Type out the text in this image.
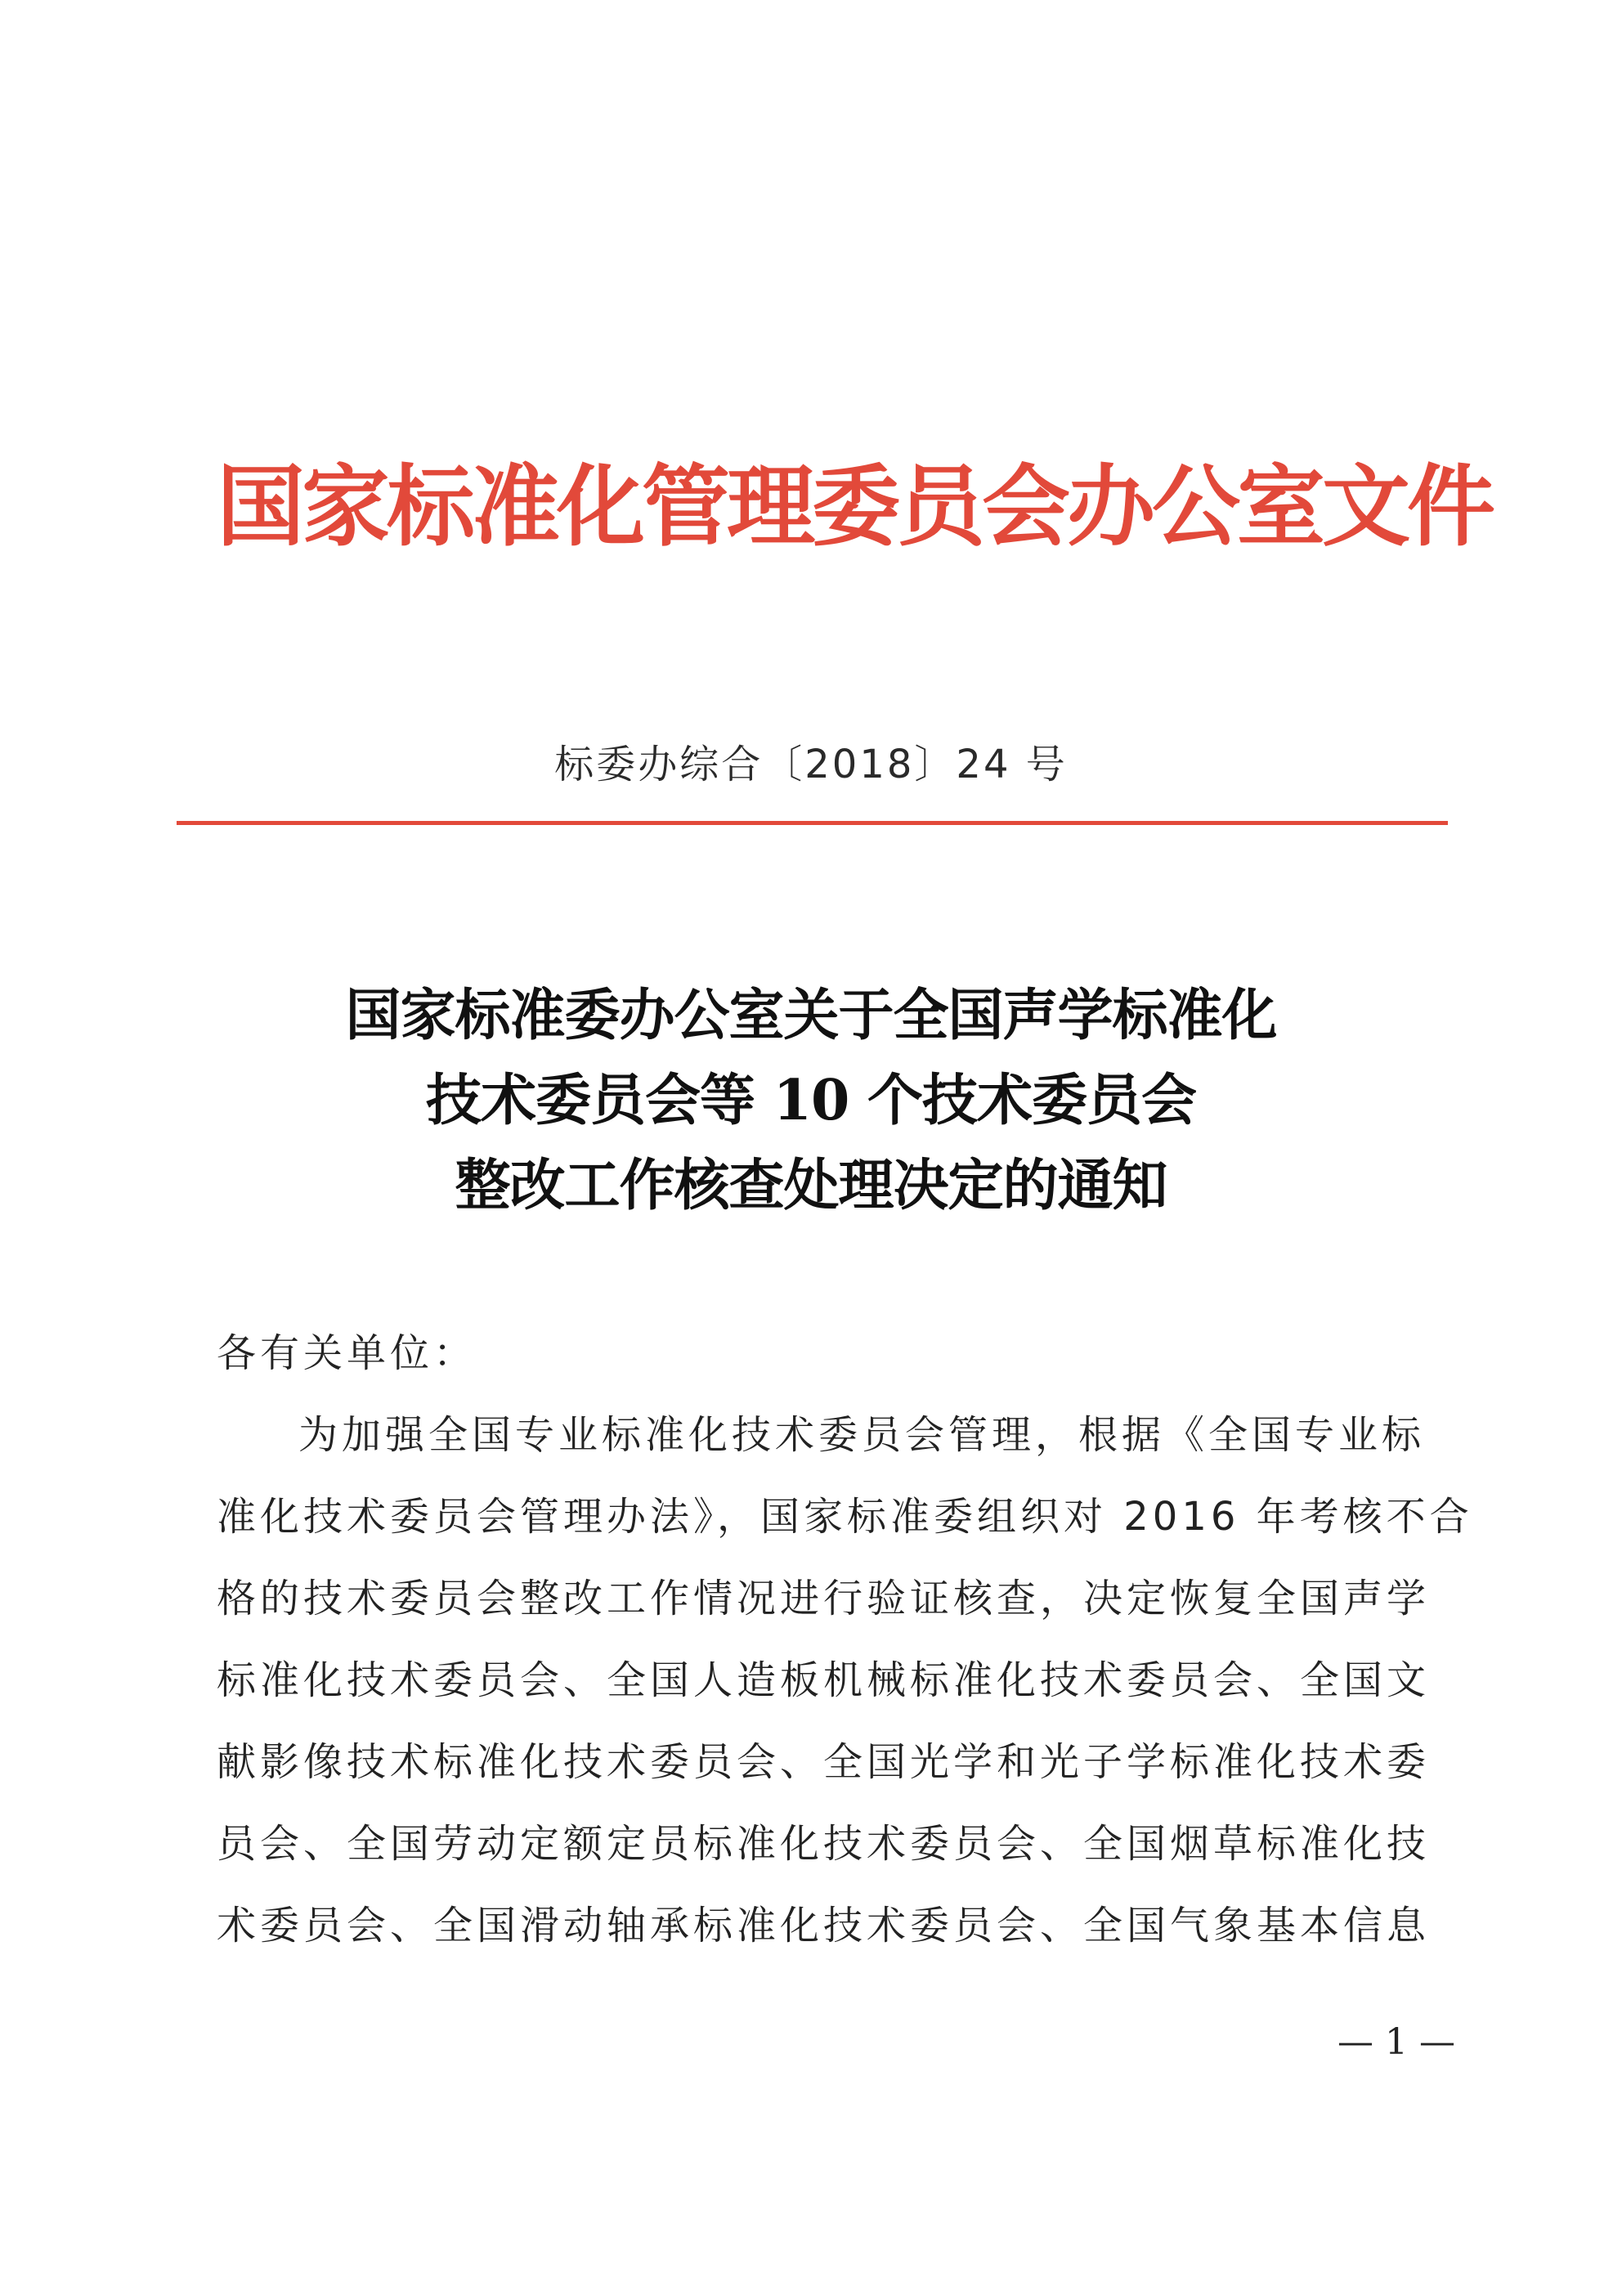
国家标准化管理委员会办公室文件
标委办综合〔2018〕24 号
国家标准委办公室关于全国声学标准化
技术委员会等 10 个技术委员会
整改工作核查处理决定的通知
各有关单位：
为加强全国专业标准化技术委员会管理，根据《全国专业标
准化技术委员会管理办法》，国家标准委组织对 2016 年考核不合
格的技术委员会整改工作情况进行验证核查，决定恢复全国声学
标准化技术委员会、全国人造板机械标准化技术委员会、全国文
献影像技术标准化技术委员会、全国光学和光子学标准化技术委
员会、全国劳动定额定员标准化技术委员会、全国烟草标准化技
术委员会、全国滑动轴承标准化技术委员会、全国气象基本信息
— 1 —
